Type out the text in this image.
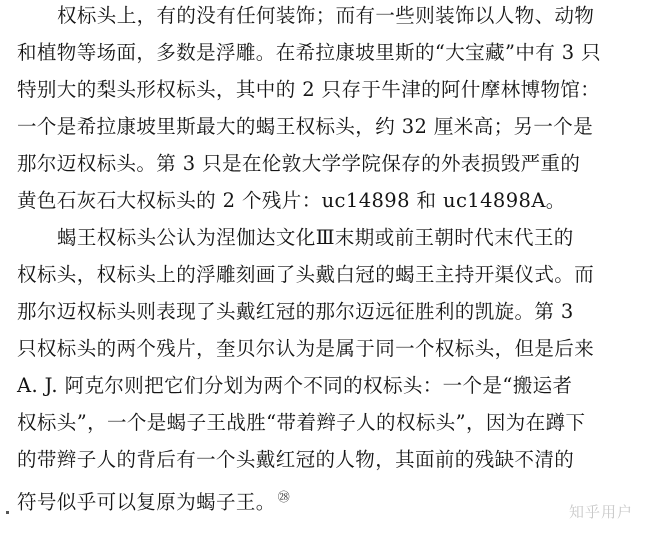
权标头上，有的没有任何装饰；而有一些则装饰以人物、动物
和植物等场面，多数是浮雕。在希拉康坡里斯的“大宝藏”中有 3 只
特别大的梨头形权标头，其中的 2 只存于牛津的阿什摩林博物馆：
一个是希拉康坡里斯最大的蝎王权标头，约 32 厘米高；另一个是
那尔迈权标头。第 3 只是在伦敦大学学院保存的外表损毁严重的
黄色石灰石大权标头的 2 个残片：uc14898 和 uc14898A。
蝎王权标头公认为涅伽达文化Ⅲ末期或前王朝时代末代王的
权标头，权标头上的浮雕刻画了头戴白冠的蝎王主持开渠仪式。而
那尔迈权标头则表现了头戴红冠的那尔迈远征胜利的凯旋。第 3
只权标头的两个残片，奎贝尔认为是属于同一个权标头，但是后来
A. J. 阿克尔则把它们分划为两个不同的权标头：一个是“搬运者
权标头”，一个是蝎子王战胜“带着辫子人的权标头”，因为在蹲下
的带辫子人的背后有一个头戴红冠的人物，其面前的残缺不清的
符号似乎可以复原为蝎子王。 $^㉘$
知乎用户
